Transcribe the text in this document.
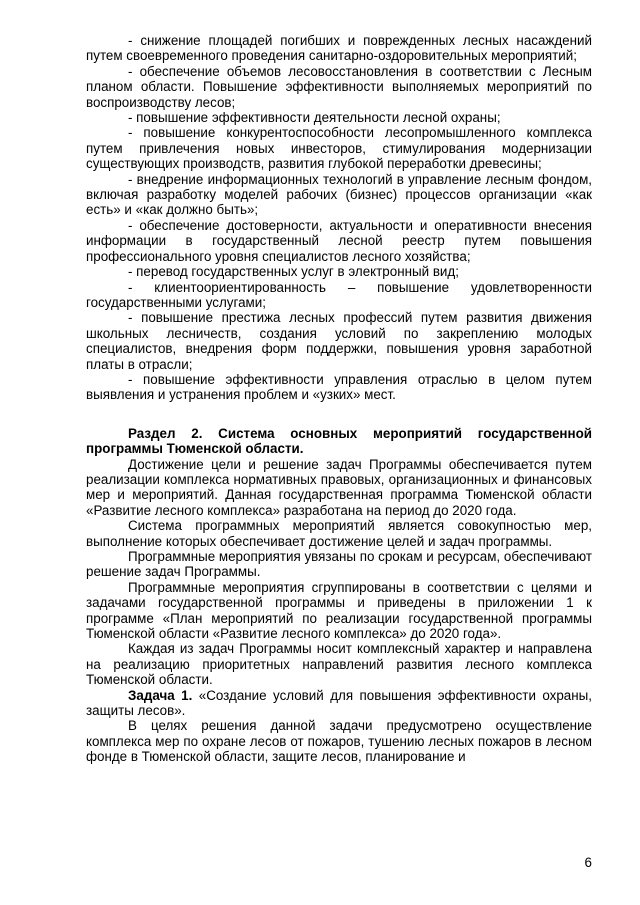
- снижение площадей погибших и поврежденных лесных насаждений путем своевременного проведения санитарно-оздоровительных мероприятий;

- обеспечение объемов лесовосстановления в соответствии с Лесным планом области. Повышение эффективности выполняемых мероприятий по воспроизводству лесов;

- повышение эффективности деятельности лесной охраны;

- повышение конкурентоспособности лесопромышленного комплекса путем привлечения новых инвесторов, стимулирования модернизации существующих производств, развития глубокой переработки древесины;

- внедрение информационных технологий в управление лесным фондом, включая разработку моделей рабочих (бизнес) процессов организации «как есть» и «как должно быть»;

- обеспечение достоверности, актуальности и оперативности внесения информации в государственный лесной реестр путем повышения профессионального уровня специалистов лесного хозяйства;

- перевод государственных услуг в электронный вид;

- клиентоориентированность – повышение удовлетворенности государственными услугами;

- повышение престижа лесных профессий путем развития движения школьных лесничеств, создания условий по закреплению молодых специалистов, внедрения форм поддержки, повышения уровня заработной платы в отрасли;

- повышение эффективности управления отраслью в целом путем выявления и устранения проблем и «узких» мест.

Раздел 2. Система основных мероприятий государственной программы Тюменской области.

Достижение цели и решение задач Программы обеспечивается путем реализации комплекса нормативных правовых, организационных и финансовых мер и мероприятий. Данная государственная программа Тюменской области «Развитие лесного комплекса» разработана на период до 2020 года.

Система программных мероприятий является совокупностью мер, выполнение которых обеспечивает достижение целей и задач программы.

Программные мероприятия увязаны по срокам и ресурсам, обеспечивают решение задач Программы.

Программные мероприятия сгруппированы в соответствии с целями и задачами государственной программы и приведены в приложении 1 к программе «План мероприятий по реализации государственной программы Тюменской области «Развитие лесного комплекса» до 2020 года».

Каждая из задач Программы носит комплексный характер и направлена на реализацию приоритетных направлений развития лесного комплекса Тюменской области.

Задача 1. «Создание условий для повышения эффективности охраны, защиты лесов».

В целях решения данной задачи предусмотрено осуществление комплекса мер по охране лесов от пожаров, тушению лесных пожаров в лесном фонде в Тюменской области, защите лесов, планирование и

6
